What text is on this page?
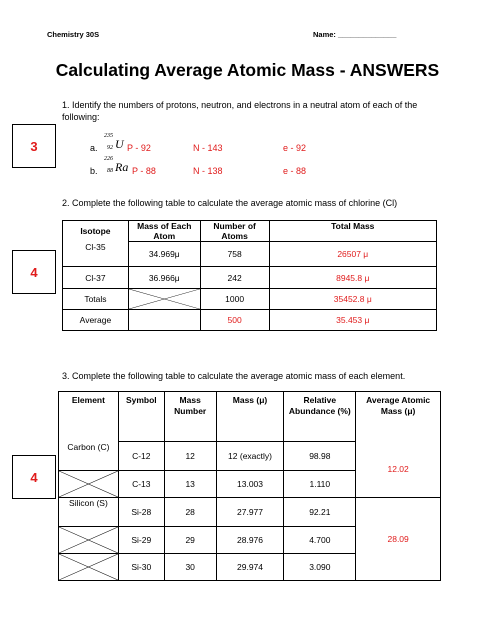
Chemistry 30S	Name: ______________
Calculating Average Atomic Mass - ANSWERS
1. Identify the numbers of protons, neutron, and electrons in a neutral atom of each of the following:
3	a.
235
92 U P - 92	N - 143	e - 92
b.
226
88 Ra P - 88	N - 138	e - 88
2. Complete the following table to calculate the average atomic mass of chlorine (Cl)
4
Isotope	Mass of Each Atom	Number of Atoms	Total Mass
Cl-35	34.969μ	758	26507 μ
Cl-37	36.966μ	242	8945.8 μ
Totals		1000	35452.8 μ
Average		500	35.453 μ
3. Complete the following table to calculate the average atomic mass of each element.
4
Element	Symbol	Mass Number	Mass (μ)	Relative Abundance (%)	Average Atomic Mass (μ)
Carbon (C)	C-12	12	12 (exactly)	98.98	12.02

	C-13	13	13.003	1.110	
Silicon (S)	Si-28	28	27.977	92.21	28.09

	Si-29	29	28.976	4.700	

	Si-30	30	29.974	3.090	
